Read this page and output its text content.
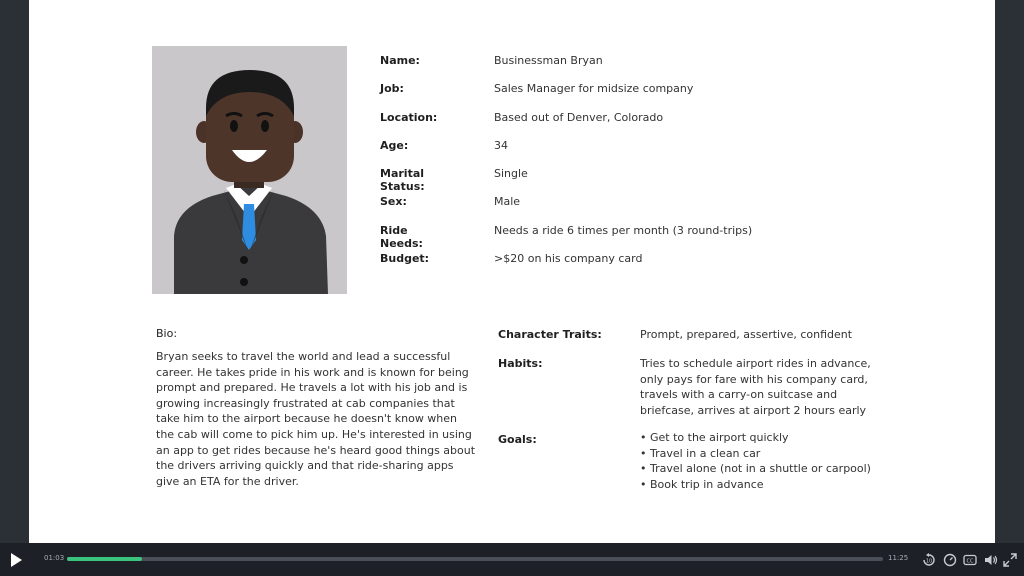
Name:	Businessman Bryan
Job:	Sales Manager for midsize company
Location:	Based out of Denver, Colorado
Age:	34
Marital Status:
Single
Sex:	Male
Ride Needs:
Needs a ride 6 times per month (3 round-trips)
Budget:	>$20 on his company card
Bio:
Bryan seeks to travel the world and lead a successful career. He takes pride in his work and is known for being prompt and prepared. He travels a lot with his job and is growing increasingly frustrated at cab companies that take him to the airport because he doesn't know when the cab will come to pick him up. He's interested in using an app to get rides because he's heard good things about the drivers arriving quickly and that ride-sharing apps give an ETA for the driver.
Character Traits:	Prompt, prepared, assertive, confident
Habits:	Tries to schedule airport rides in advance, only pays for fare with his company card, travels with a carry-on suitcase and briefcase, arrives at airport 2 hours early
Goals:	• Get to the airport quickly
• Travel in a clean car
• Travel alone (not in a shuttle or carpool)
• Book trip in advance
01:03	11:25	10	CC
